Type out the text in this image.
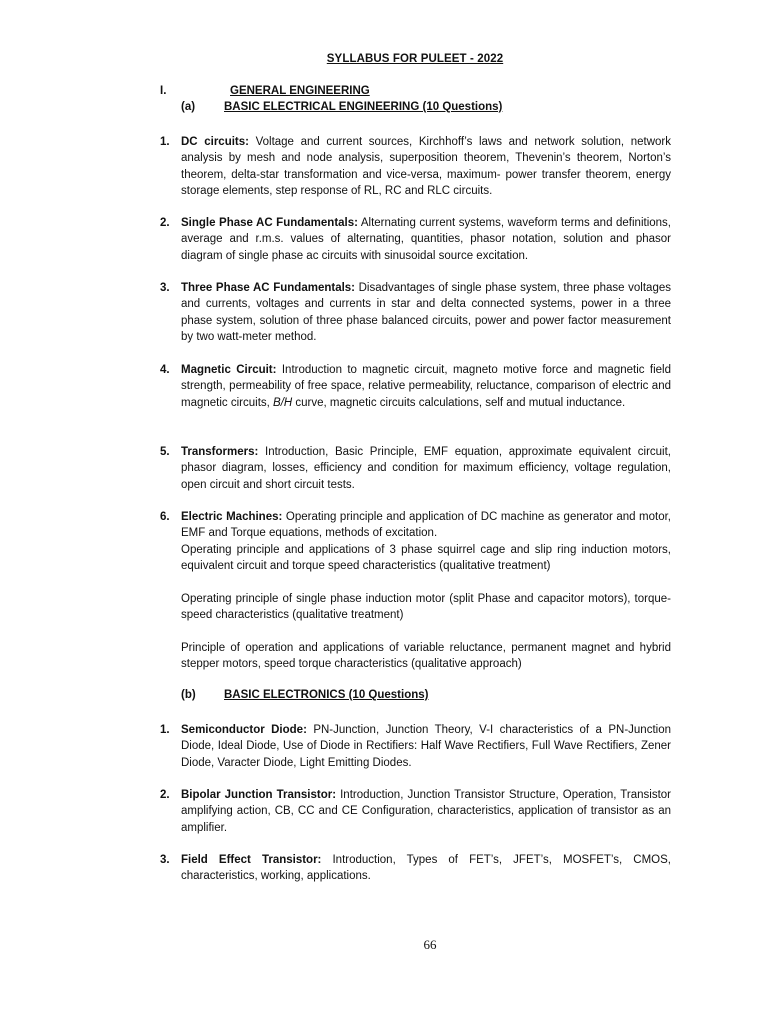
SYLLABUS FOR PULEET - 2022
I.	GENERAL ENGINEERING
(a)	BASIC ELECTRICAL ENGINEERING (10 Questions)
1. DC circuits: Voltage and current sources, Kirchhoff’s laws and network solution, network analysis by mesh and node analysis, superposition theorem, Thevenin’s theorem, Norton’s theorem, delta-star transformation and vice-versa, maximum- power transfer theorem, energy storage elements, step response of RL, RC and RLC circuits.
2. Single Phase AC Fundamentals: Alternating current systems, waveform terms and definitions, average and r.m.s. values of alternating, quantities, phasor notation, solution and phasor diagram of single phase ac circuits with sinusoidal source excitation.
3. Three Phase AC Fundamentals: Disadvantages of single phase system, three phase voltages and currents, voltages and currents in star and delta connected systems, power in a three phase system, solution of three phase balanced circuits, power and power factor measurement by two watt-meter method.
4. Magnetic Circuit: Introduction to magnetic circuit, magneto motive force and magnetic field strength, permeability of free space, relative permeability, reluctance, comparison of electric and magnetic circuits, B/H curve, magnetic circuits calculations, self and mutual inductance.
5. Transformers: Introduction, Basic Principle, EMF equation, approximate equivalent circuit, phasor diagram, losses, efficiency and condition for maximum efficiency, voltage regulation, open circuit and short circuit tests.
6. Electric Machines: Operating principle and application of DC machine as generator and motor, EMF and Torque equations, methods of excitation.
Operating principle and applications of 3 phase squirrel cage and slip ring induction motors, equivalent circuit and torque speed characteristics (qualitative treatment)
Operating principle of single phase induction motor (split Phase and capacitor motors), torque-speed characteristics (qualitative treatment)
Principle of operation and applications of variable reluctance, permanent magnet and hybrid stepper motors, speed torque characteristics (qualitative approach)
(b) BASIC ELECTRONICS (10 Questions)
1. Semiconductor Diode: PN-Junction, Junction Theory, V-I characteristics of a PN-Junction Diode, Ideal Diode, Use of Diode in Rectifiers: Half Wave Rectifiers, Full Wave Rectifiers, Zener Diode, Varacter Diode, Light Emitting Diodes.
2. Bipolar Junction Transistor: Introduction, Junction Transistor Structure, Operation, Transistor amplifying action, CB, CC and CE Configuration, characteristics, application of transistor as an amplifier.
3. Field Effect Transistor: Introduction, Types of FET’s, JFET’s, MOSFET’s, CMOS, characteristics, working, applications.
66
